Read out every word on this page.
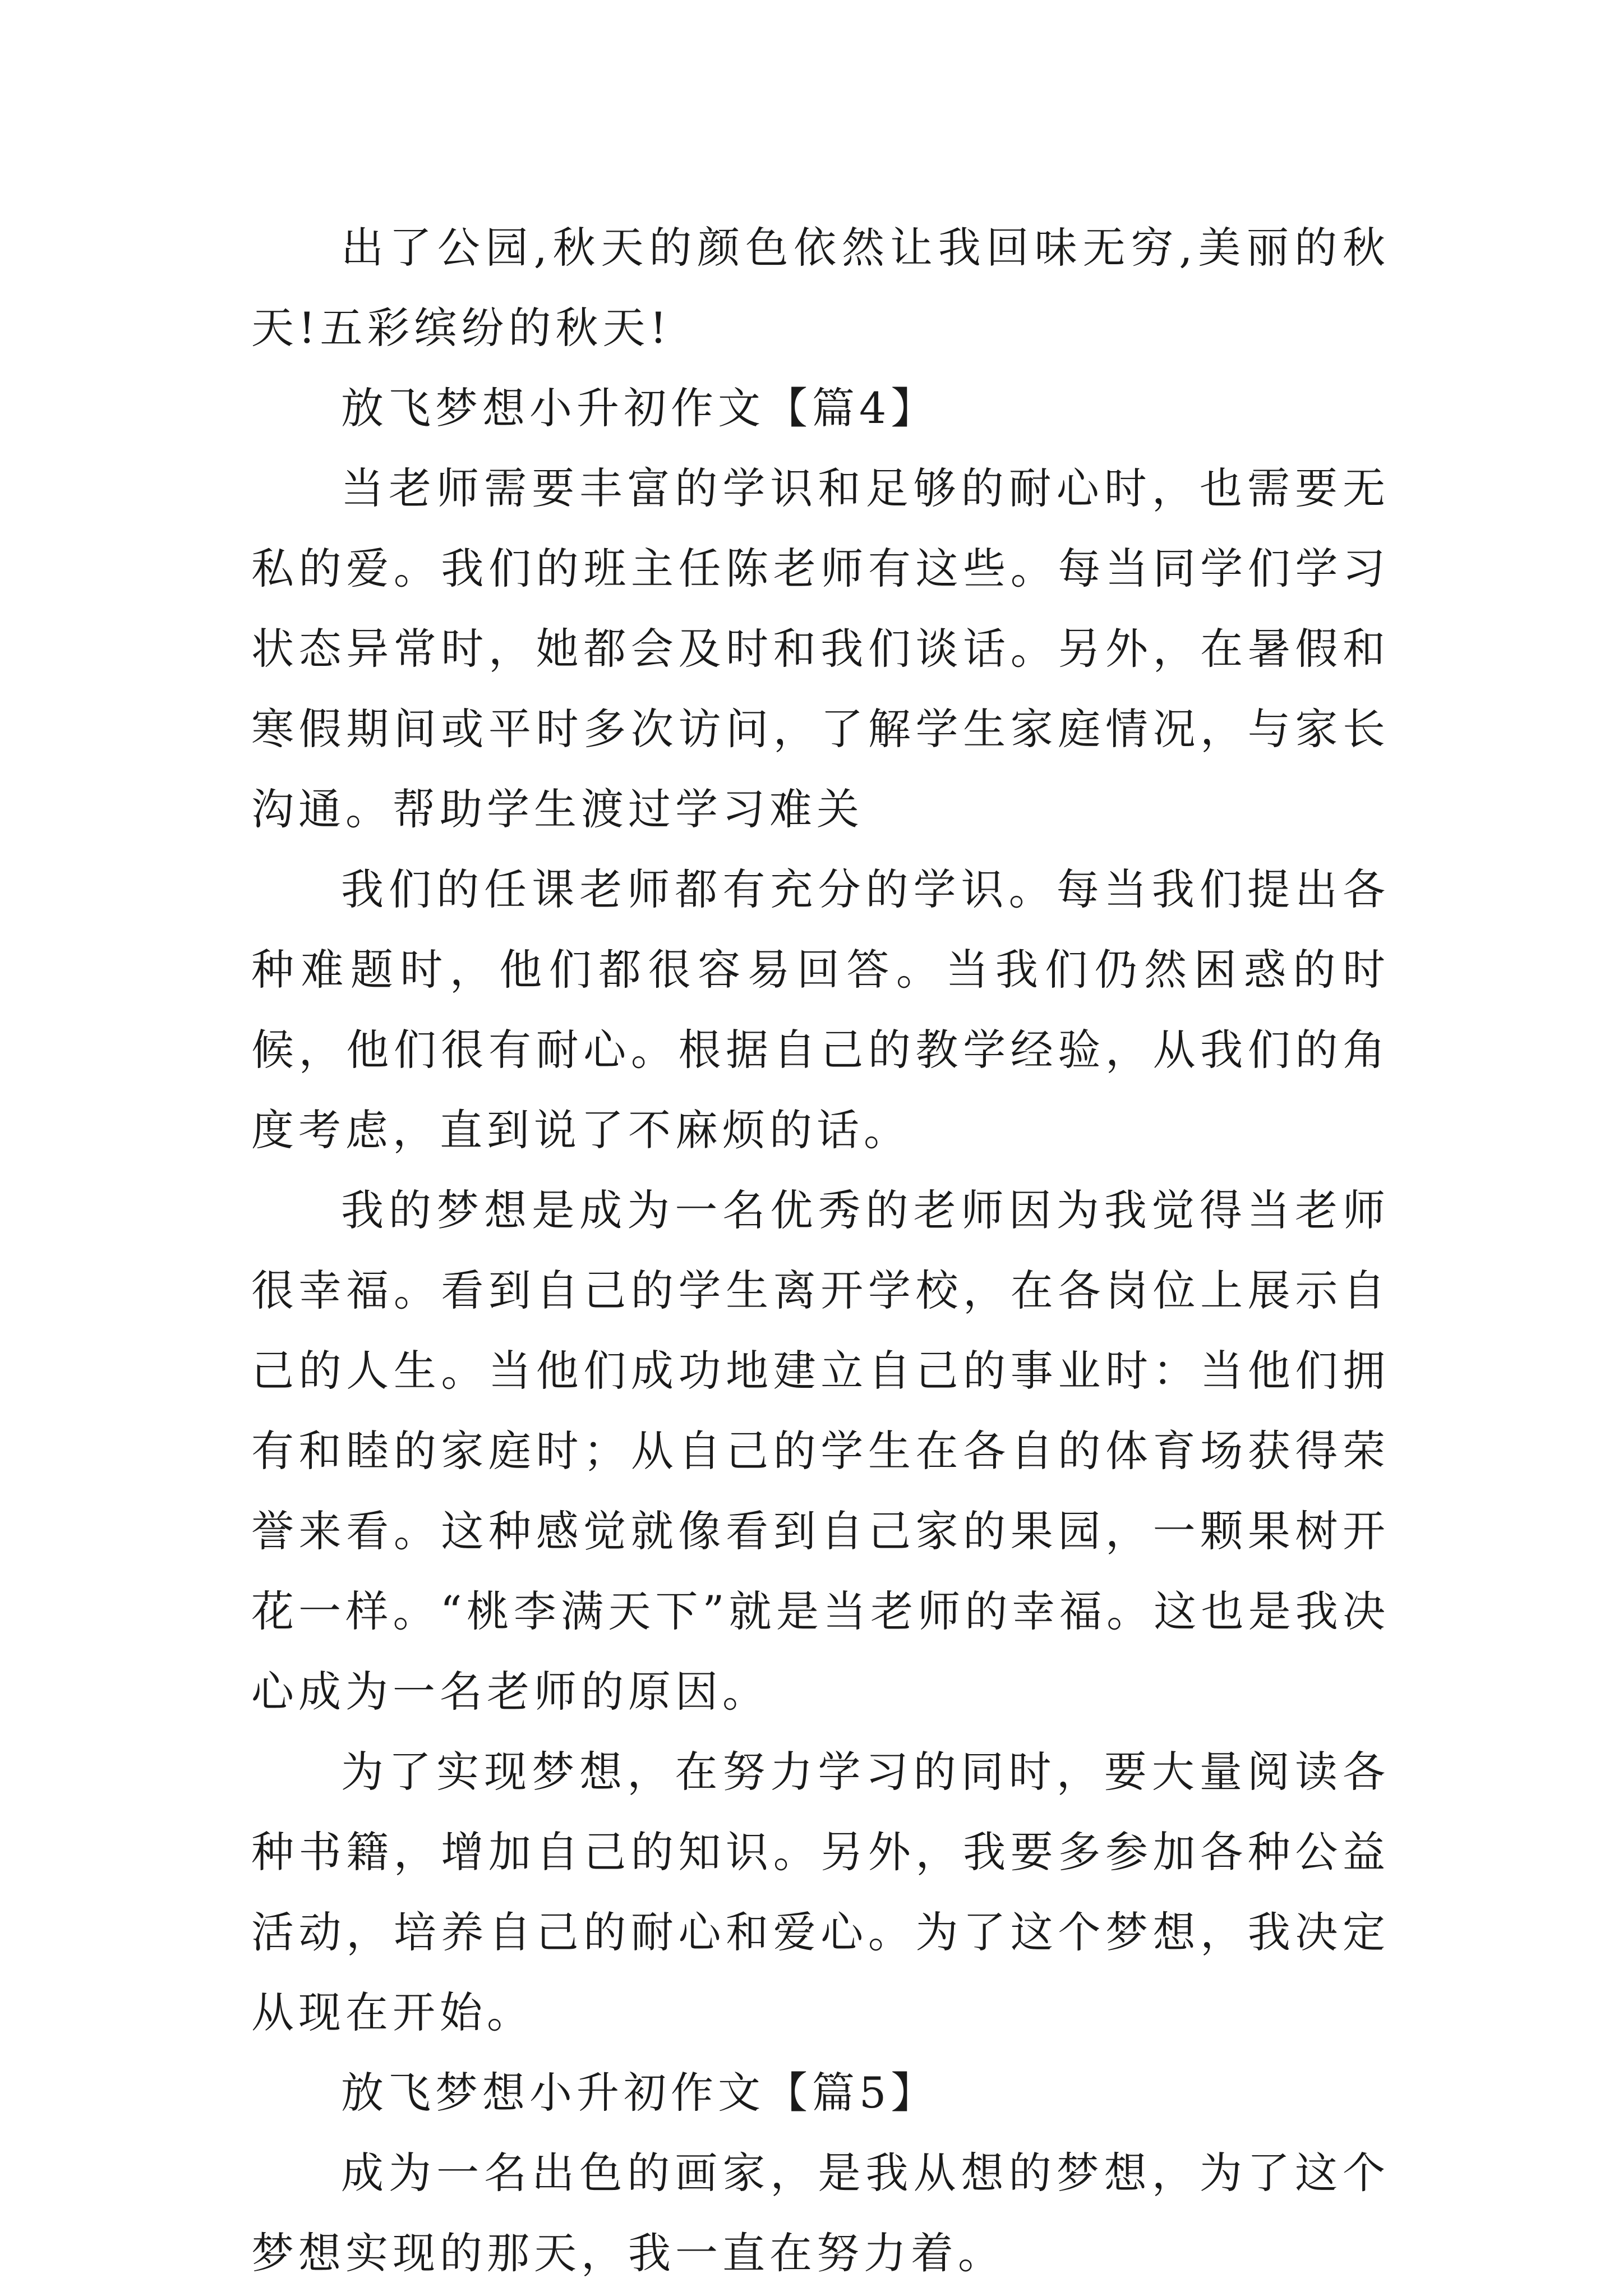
出了公园,秋天的颜色依然让我回味无穷,美丽的秋天!五彩缤纷的秋天!

放飞梦想小升初作文【篇4】

当老师需要丰富的学识和足够的耐心时，也需要无私的爱。我们的班主任陈老师有这些。每当同学们学习状态异常时，她都会及时和我们谈话。另外，在暑假和寒假期间或平时多次访问，了解学生家庭情况，与家长沟通。帮助学生渡过学习难关

我们的任课老师都有充分的学识。每当我们提出各种难题时，他们都很容易回答。当我们仍然困惑的时候，他们很有耐心。根据自己的教学经验，从我们的角度考虑，直到说了不麻烦的话。

我的梦想是成为一名优秀的老师因为我觉得当老师很幸福。看到自己的学生离开学校，在各岗位上展示自己的人生。当他们成功地建立自己的事业时：当他们拥有和睦的家庭时；从自己的学生在各自的体育场获得荣誉来看。这种感觉就像看到自己家的果园，一颗果树开花一样。“桃李满天下”就是当老师的幸福。这也是我决心成为一名老师的原因。

为了实现梦想，在努力学习的同时，要大量阅读各种书籍，增加自己的知识。另外，我要多参加各种公益活动，培养自己的耐心和爱心。为了这个梦想，我决定从现在开始。

放飞梦想小升初作文【篇5】

成为一名出色的画家，是我从想的梦想，为了这个梦想实现的那天，我一直在努力着。
